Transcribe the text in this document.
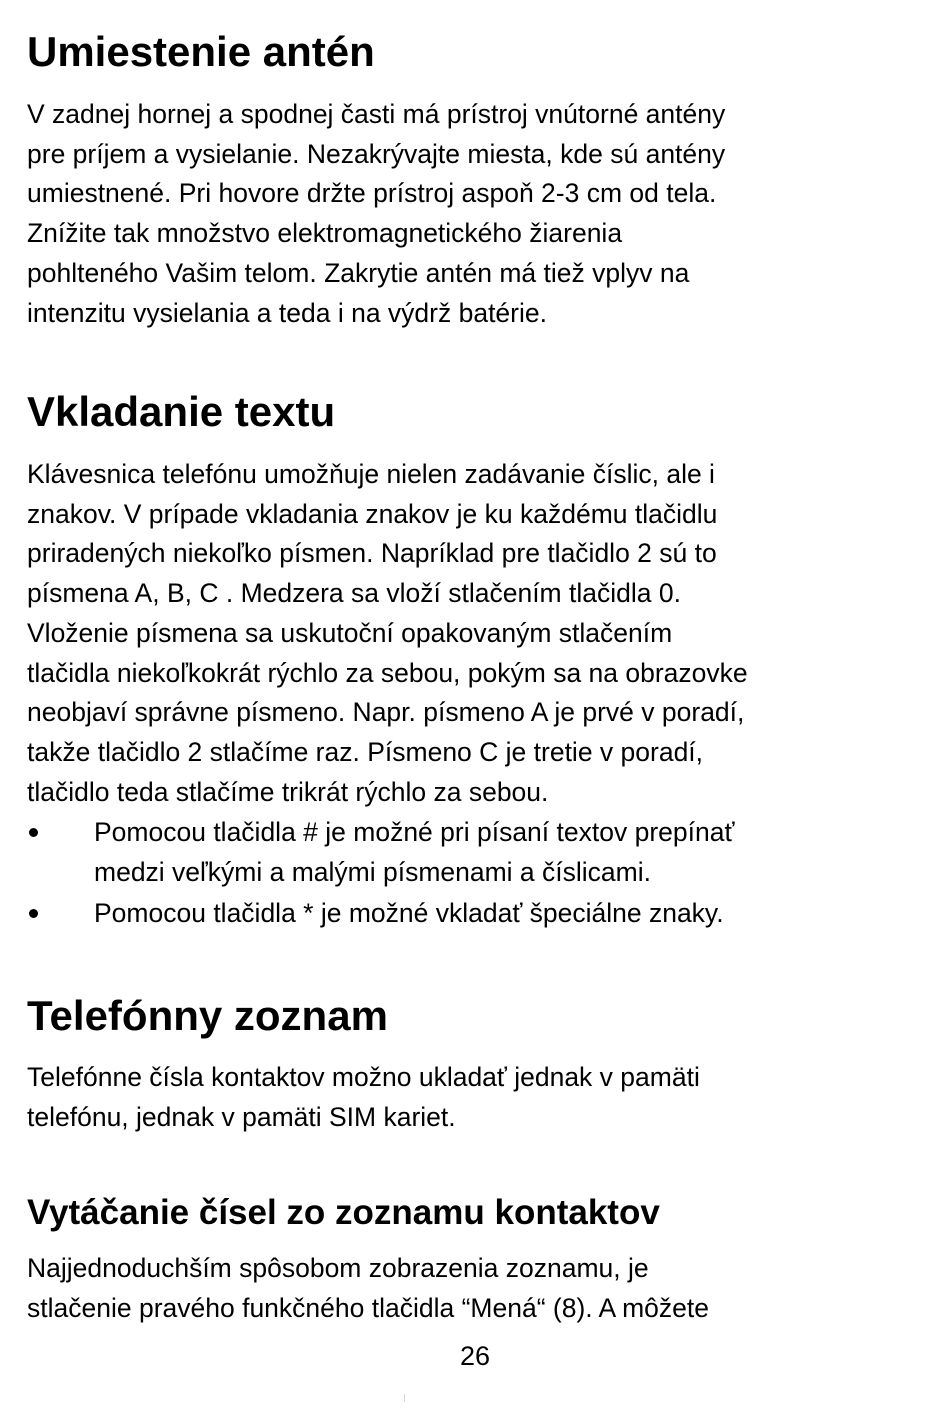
Umiestenie antén

V zadnej hornej a spodnej časti má prístroj vnútorné antény
pre príjem a vysielanie. Nezakrývajte miesta, kde sú antény
umiestnené. Pri hovore držte prístroj aspoň 2-3 cm od tela.
Znížite tak množstvo elektromagnetického žiarenia
pohlteného Vašim telom. Zakrytie antén má tiež vplyv na
intenzitu vysielania a teda i na výdrž batérie.

Vkladanie textu

Klávesnica telefónu umožňuje nielen zadávanie číslic, ale i
znakov. V prípade vkladania znakov je ku každému tlačidlu
priradených niekoľko písmen. Napríklad pre tlačidlo 2 sú to
písmena A, B, C . Medzera sa vloží stlačením tlačidla 0.
Vloženie písmena sa uskutoční opakovaným stlačením
tlačidla niekoľkokrát rýchlo za sebou, pokým sa na obrazovke
neobjaví správne písmeno. Napr. písmeno A je prvé v poradí,
takže tlačidlo 2 stlačíme raz. Písmeno C je tretie v poradí,
tlačidlo teda stlačíme trikrát rýchlo za sebou.

Pomocou tlačidla # je možné pri písaní textov prepínať
medzi veľkými a malými písmenami a číslicami.
Pomocou tlačidla * je možné vkladať špeciálne znaky.
Telefónny zoznam

Telefónne čísla kontaktov možno ukladať jednak v pamäti
telefónu, jednak v pamäti SIM kariet.

Vytáčanie čísel zo zoznamu kontaktov

Najjednoduchším spôsobom zobrazenia zoznamu, je
stlačenie pravého funkčného tlačidla “Mená“ (8). A môžete

26
